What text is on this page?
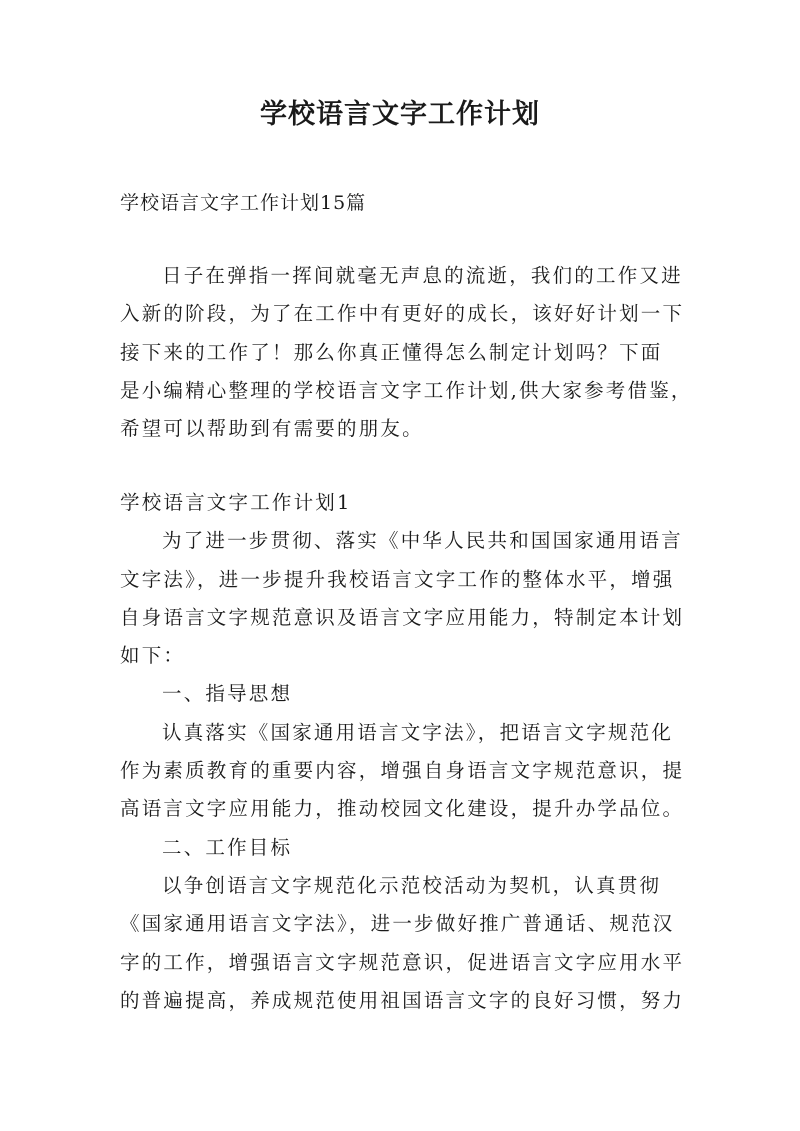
学校语言文字工作计划

学校语言文字工作计划15篇

日子在弹指一挥间就毫无声息的流逝，我们的工作又进
入新的阶段，为了在工作中有更好的成长，该好好计划一下
接下来的工作了！那么你真正懂得怎么制定计划吗？下面
是小编精心整理的学校语言文字工作计划,供大家参考借鉴，
希望可以帮助到有需要的朋友。
学校语言文字工作计划1
为了进一步贯彻、落实《中华人民共和国国家通用语言
文字法》，进一步提升我校语言文字工作的整体水平，增强
自身语言文字规范意识及语言文字应用能力，特制定本计划
如下：
一、指导思想
认真落实《国家通用语言文字法》，把语言文字规范化
作为素质教育的重要内容，增强自身语言文字规范意识，提
高语言文字应用能力，推动校园文化建设，提升办学品位。
二、工作目标
以争创语言文字规范化示范校活动为契机，认真贯彻
《国家通用语言文字法》，进一步做好推广普通话、规范汉
字的工作，增强语言文字规范意识，促进语言文字应用水平
的普遍提高，养成规范使用祖国语言文字的良好习惯，努力
